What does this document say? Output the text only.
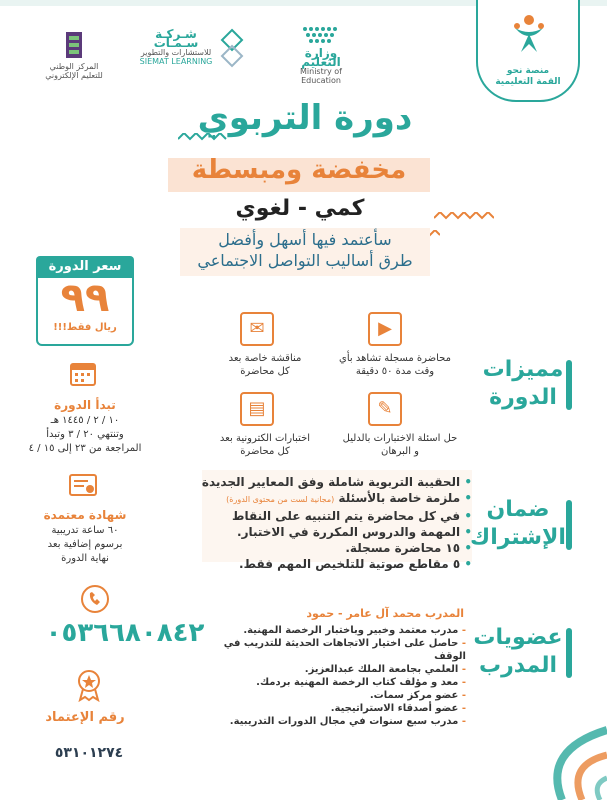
منصة نحو
القمة التعليمية
وزارة التعليم
Ministry of Education
شـركـة سـمـات
للاستشارات والتطوير
SIEMAT LEARNING
المركز الوطني
للتعليم الإلكتروني
دورة التربوي
مخفضة ومبسطة
كمي - لغوي
سأعتمد فيها أسهل وأفضل
طرق أساليب التواصل الاجتماعي
سعر الدورة
٩٩
ريال فقط!!!
مميزات
الدورة
▶
محاضرة مسجلة تشاهد بأي
وقت مدة ٥٠ دقيقة
✉
مناقشة خاصة بعد
كل محاضرة
✎
حل اسئلة الاختبارات بالدليل
و البرهان
▤
اختبارات الكترونية بعد
كل محاضرة
تبدأ الدورة
١٠ / ٢ / ١٤٤٥ هـ
وتنتهي ٢٠ / ٣ وتبدأ
المراجعة من ٢٣ إلى ١٥ / ٤
شهادة معتمدة
٦٠ ساعة تدريبية
برسوم إضافية بعد
نهاية الدورة
ضمان
الإشتراك
• الحقيبة التربوية شاملة وفق المعايير الجديدة
• ملزمة خاصة بالأسئلة (مجانية لست من محتوى الدورة)
• في كل محاضرة يتم التنبيه على النقاط
• المهمة والدروس المكررة في الاختبار.
• ١٥ محاضرة مسجلة.
• ٥ مقاطع صوتية للتلخيص المهم فقط.
٠٥٣٦٦٨٠٨٤٢
رقم الإعتماد
٥٣١٠١٢٧٤
عضويات
المدرب
المدرب محمد آل عامر - حمود
- مدرب معتمد وخبير وباختبار الرخصة المهنية.
- حاصل على اختيار الاتجاهات الحديثة للتدريب في الوقف
- العلمي بجامعة الملك عبدالعزيز.
- معد و مؤلف كتاب الرخصة المهنية بردمك.
- عضو مركز سمات.
- عضو أصدقاء الاستراتيجية.
- مدرب سبع سنوات في مجال الدورات التدريبية.
